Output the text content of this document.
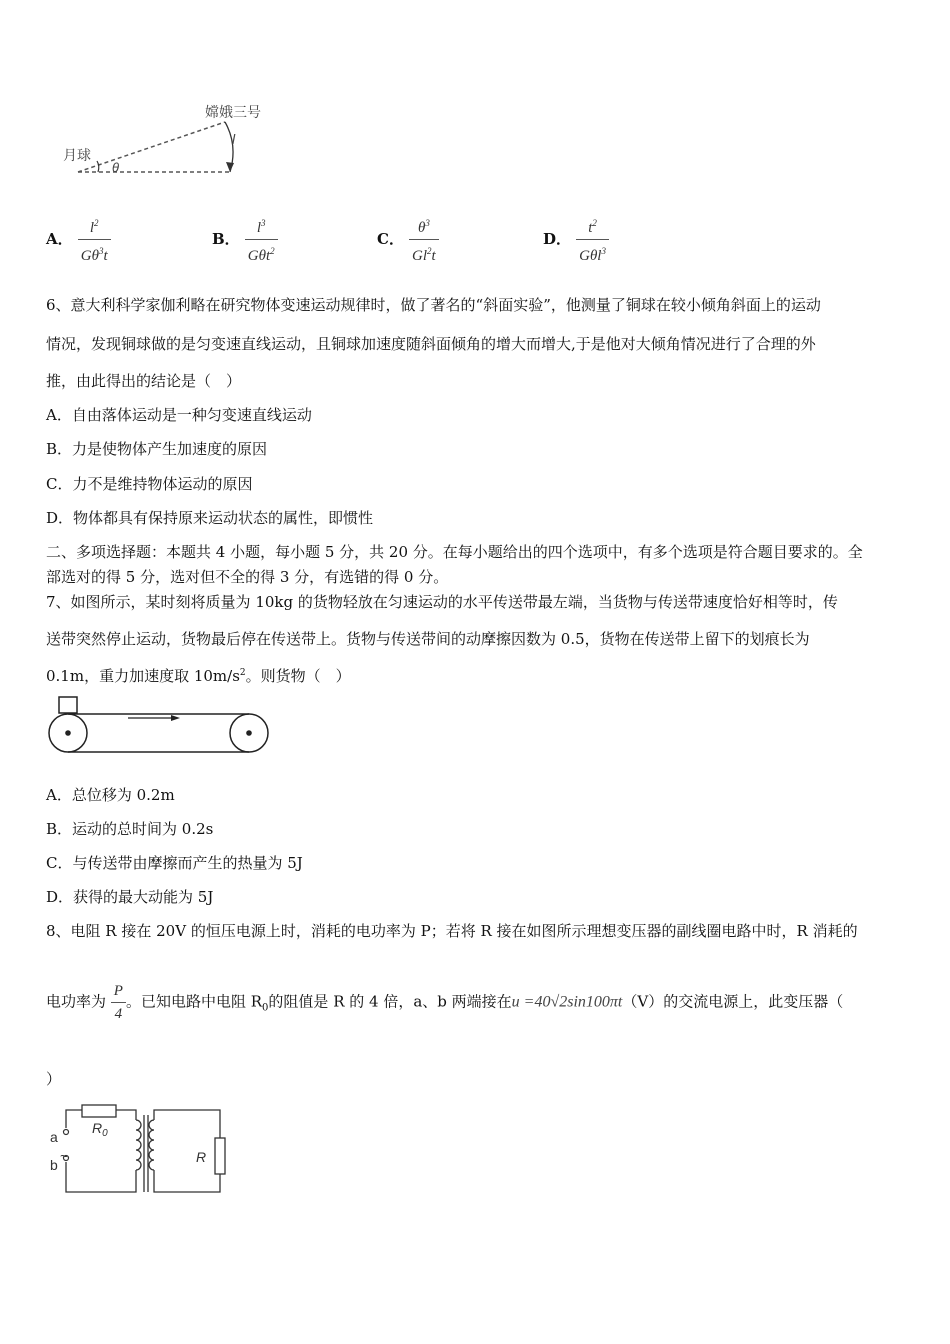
嫦娥三号
月球
l
θ
A． $\frac{l^2}{G\theta^3t}$	B． $\frac{l^3}{G\theta t^2}$	C． $\frac{\theta^3}{Gl^2t}$	D． $\frac{t^2}{G\theta l^3}$
6、意大利科学家伽利略在研究物体变速运动规律时，做了著名的“斜面实验”，他测量了铜球在较小倾角斜面上的运动
情况，发现铜球做的是匀变速直线运动，且铜球加速度随斜面倾角的增大而增大,于是他对大倾角情况进行了合理的外
推，由此得出的结论是（　）
A．自由落体运动是一种匀变速直线运动
B．力是使物体产生加速度的原因
C．力不是维持物体运动的原因
D．物体都具有保持原来运动状态的属性，即惯性
二、多项选择题：本题共 4 小题，每小题 5 分，共 20 分。在每小题给出的四个选项中，有多个选项是符合题目要求的。全
部选对的得 5 分，选对但不全的得 3 分，有选错的得 0 分。
7、如图所示，某时刻将质量为 10kg 的货物轻放在匀速运动的水平传送带最左端，当货物与传送带速度恰好相等时，传
送带突然停止运动，货物最后停在传送带上。货物与传送带间的动摩擦因数为 0.5，货物在传送带上留下的划痕长为
0.1m，重力加速度取 $10m/s^2$。则货物（　）
A．总位移为 0.2m
B．运动的总时间为 0.2s
C．与传送带由摩擦而产生的热量为 5J
D．获得的最大动能为 5J
8、电阻 R 接在 20V 的恒压电源上时，消耗的电功率为 P；若将 R 接在如图所示理想变压器的副线圈电路中时，R 消耗的
电功率为 $\frac{P}{4}$ 。已知电路中电阻 $R_0$的阻值是 R 的 4 倍，a、b 两端接在u =40√2sin100πt（V）的交流电源上，此变压器（
）
a
b
~
$R_0$
R
